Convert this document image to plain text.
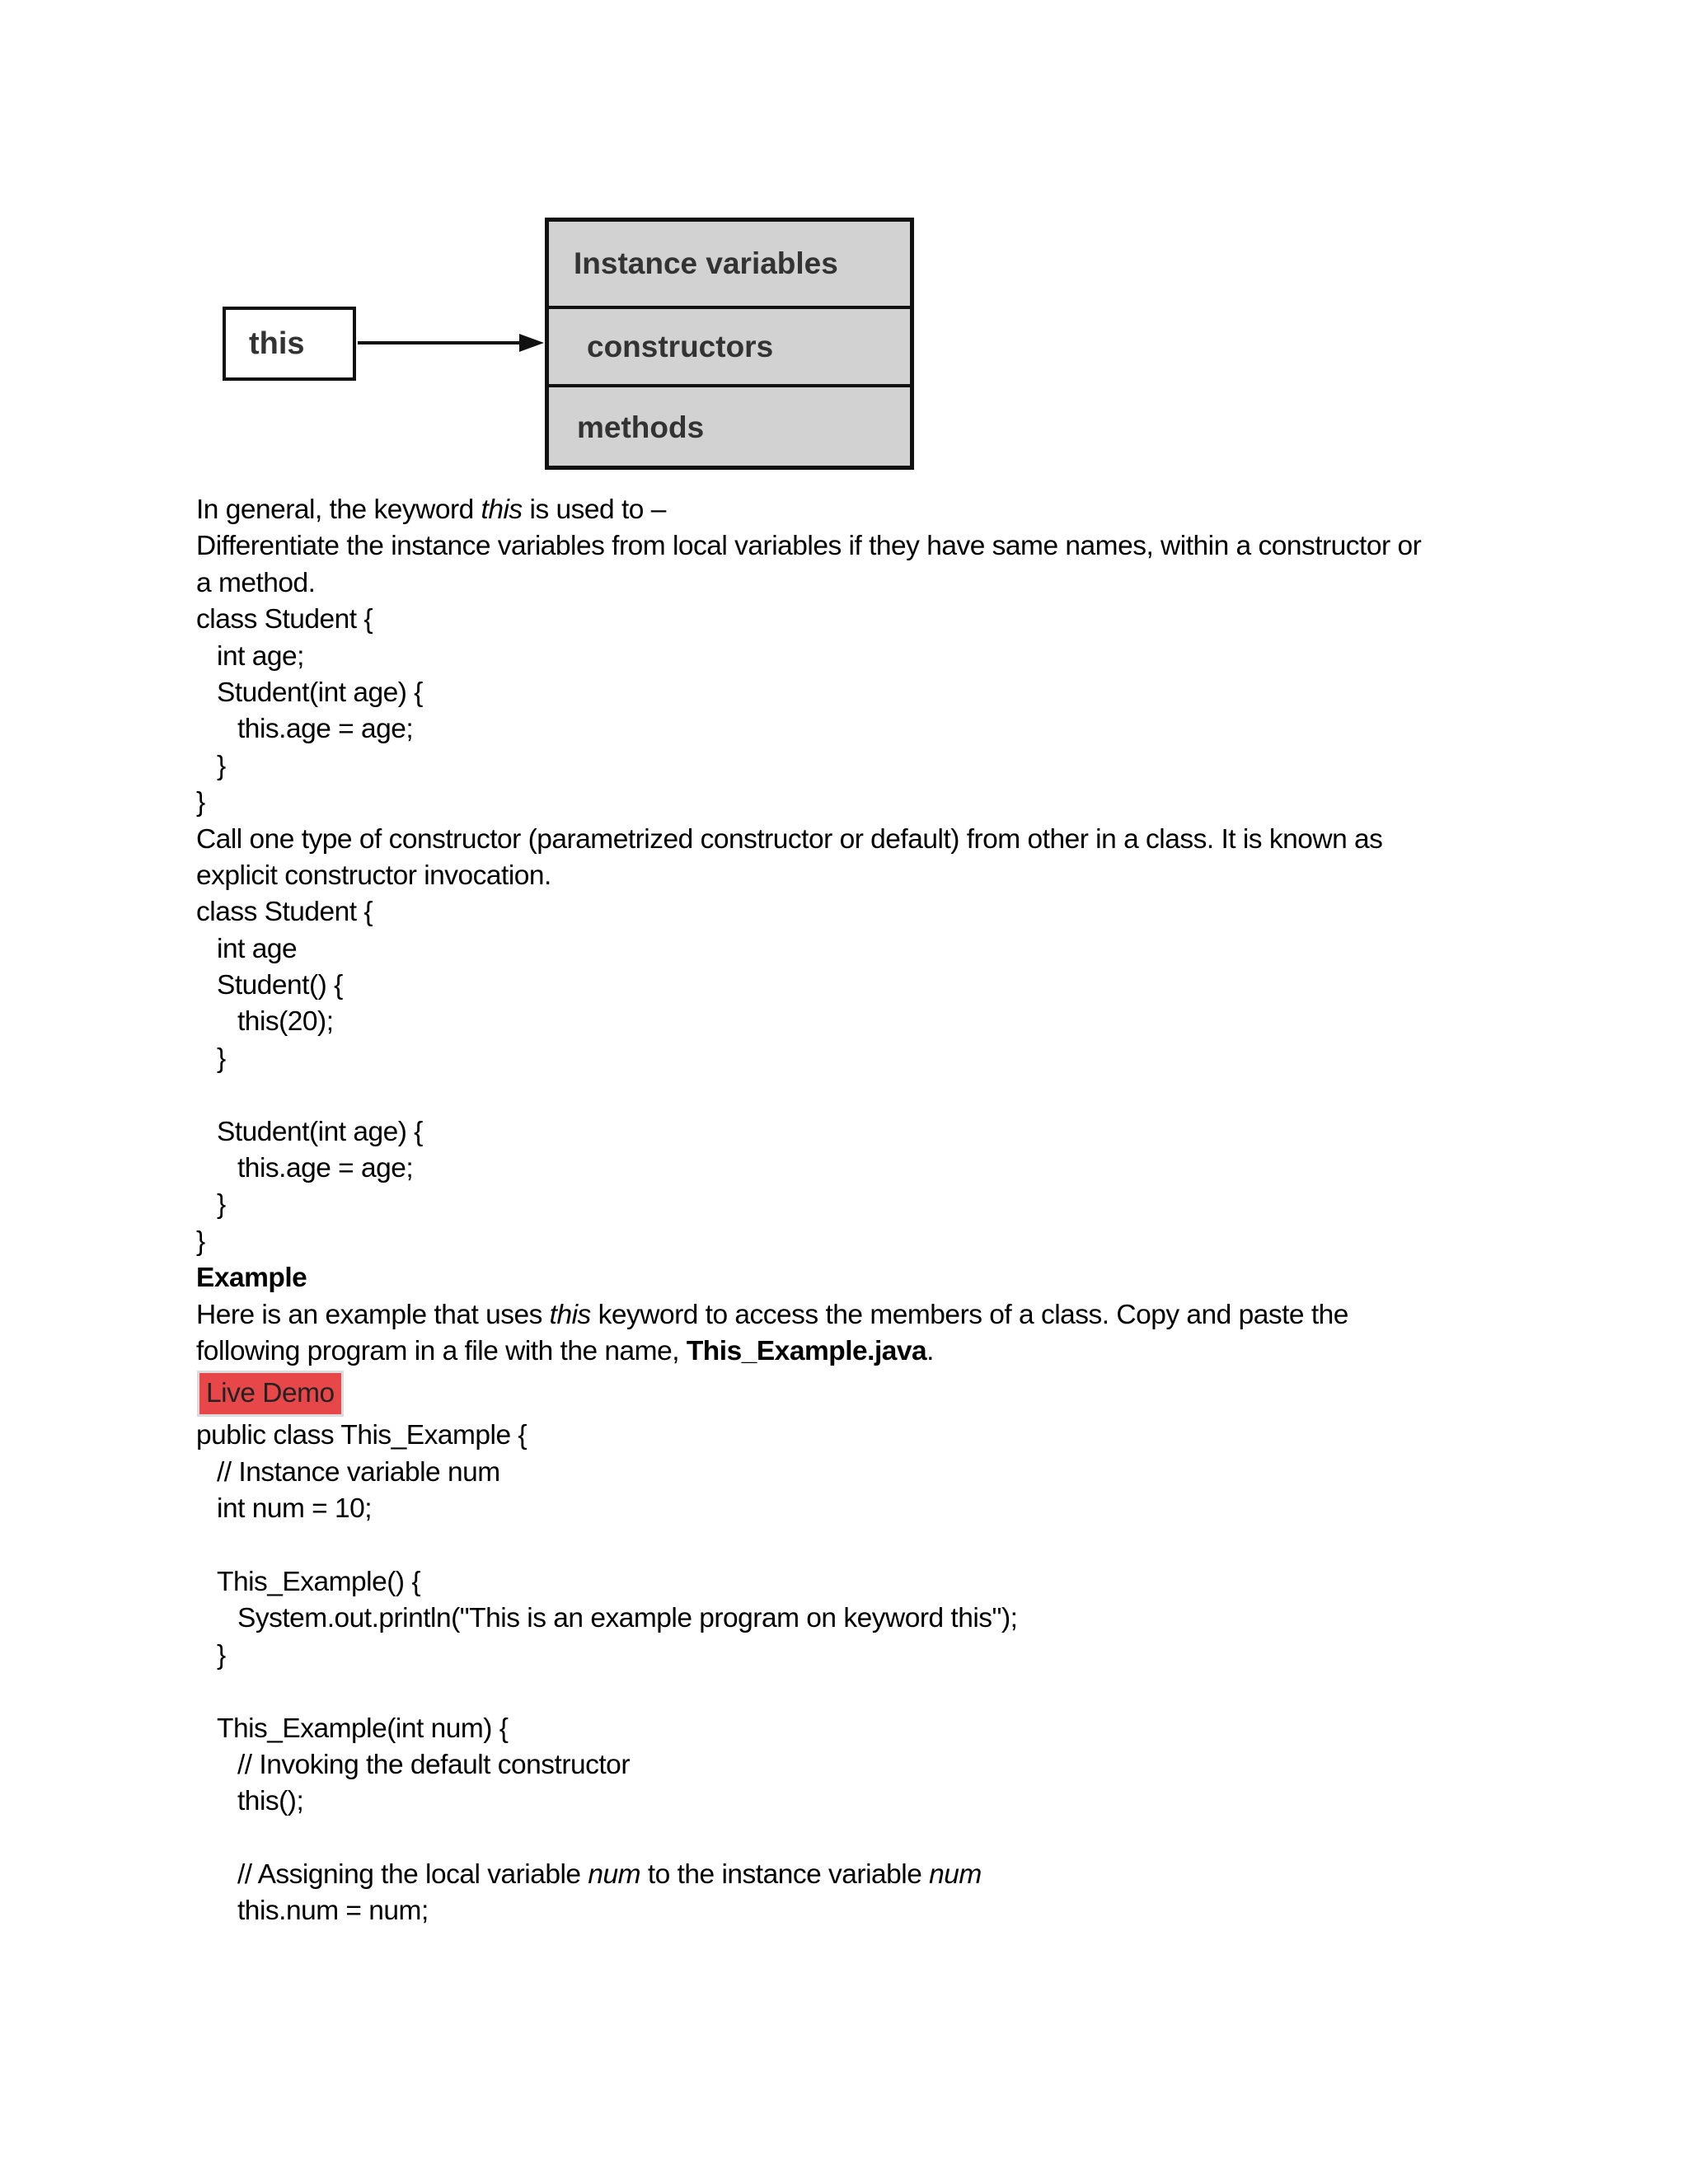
this
Instance variables
constructors
methods
In general, the keyword this is used to –
Differentiate the instance variables from local variables if they have same names, within a constructor or
a method.
class Student {
int age;
Student(int age) {
this.age = age;
}
}
Call one type of constructor (parametrized constructor or default) from other in a class. It is known as
explicit constructor invocation.
class Student {
int age
Student() {
this(20);
}
Student(int age) {
this.age = age;
}
}
Example
Here is an example that uses this keyword to access the members of a class. Copy and paste the
following program in a file with the name, This_Example.java.
Live Demo
public class This_Example {
// Instance variable num
int num = 10;
This_Example() {
System.out.println("This is an example program on keyword this");
}
This_Example(int num) {
// Invoking the default constructor
this();
// Assigning the local variable num to the instance variable num
this.num = num;
